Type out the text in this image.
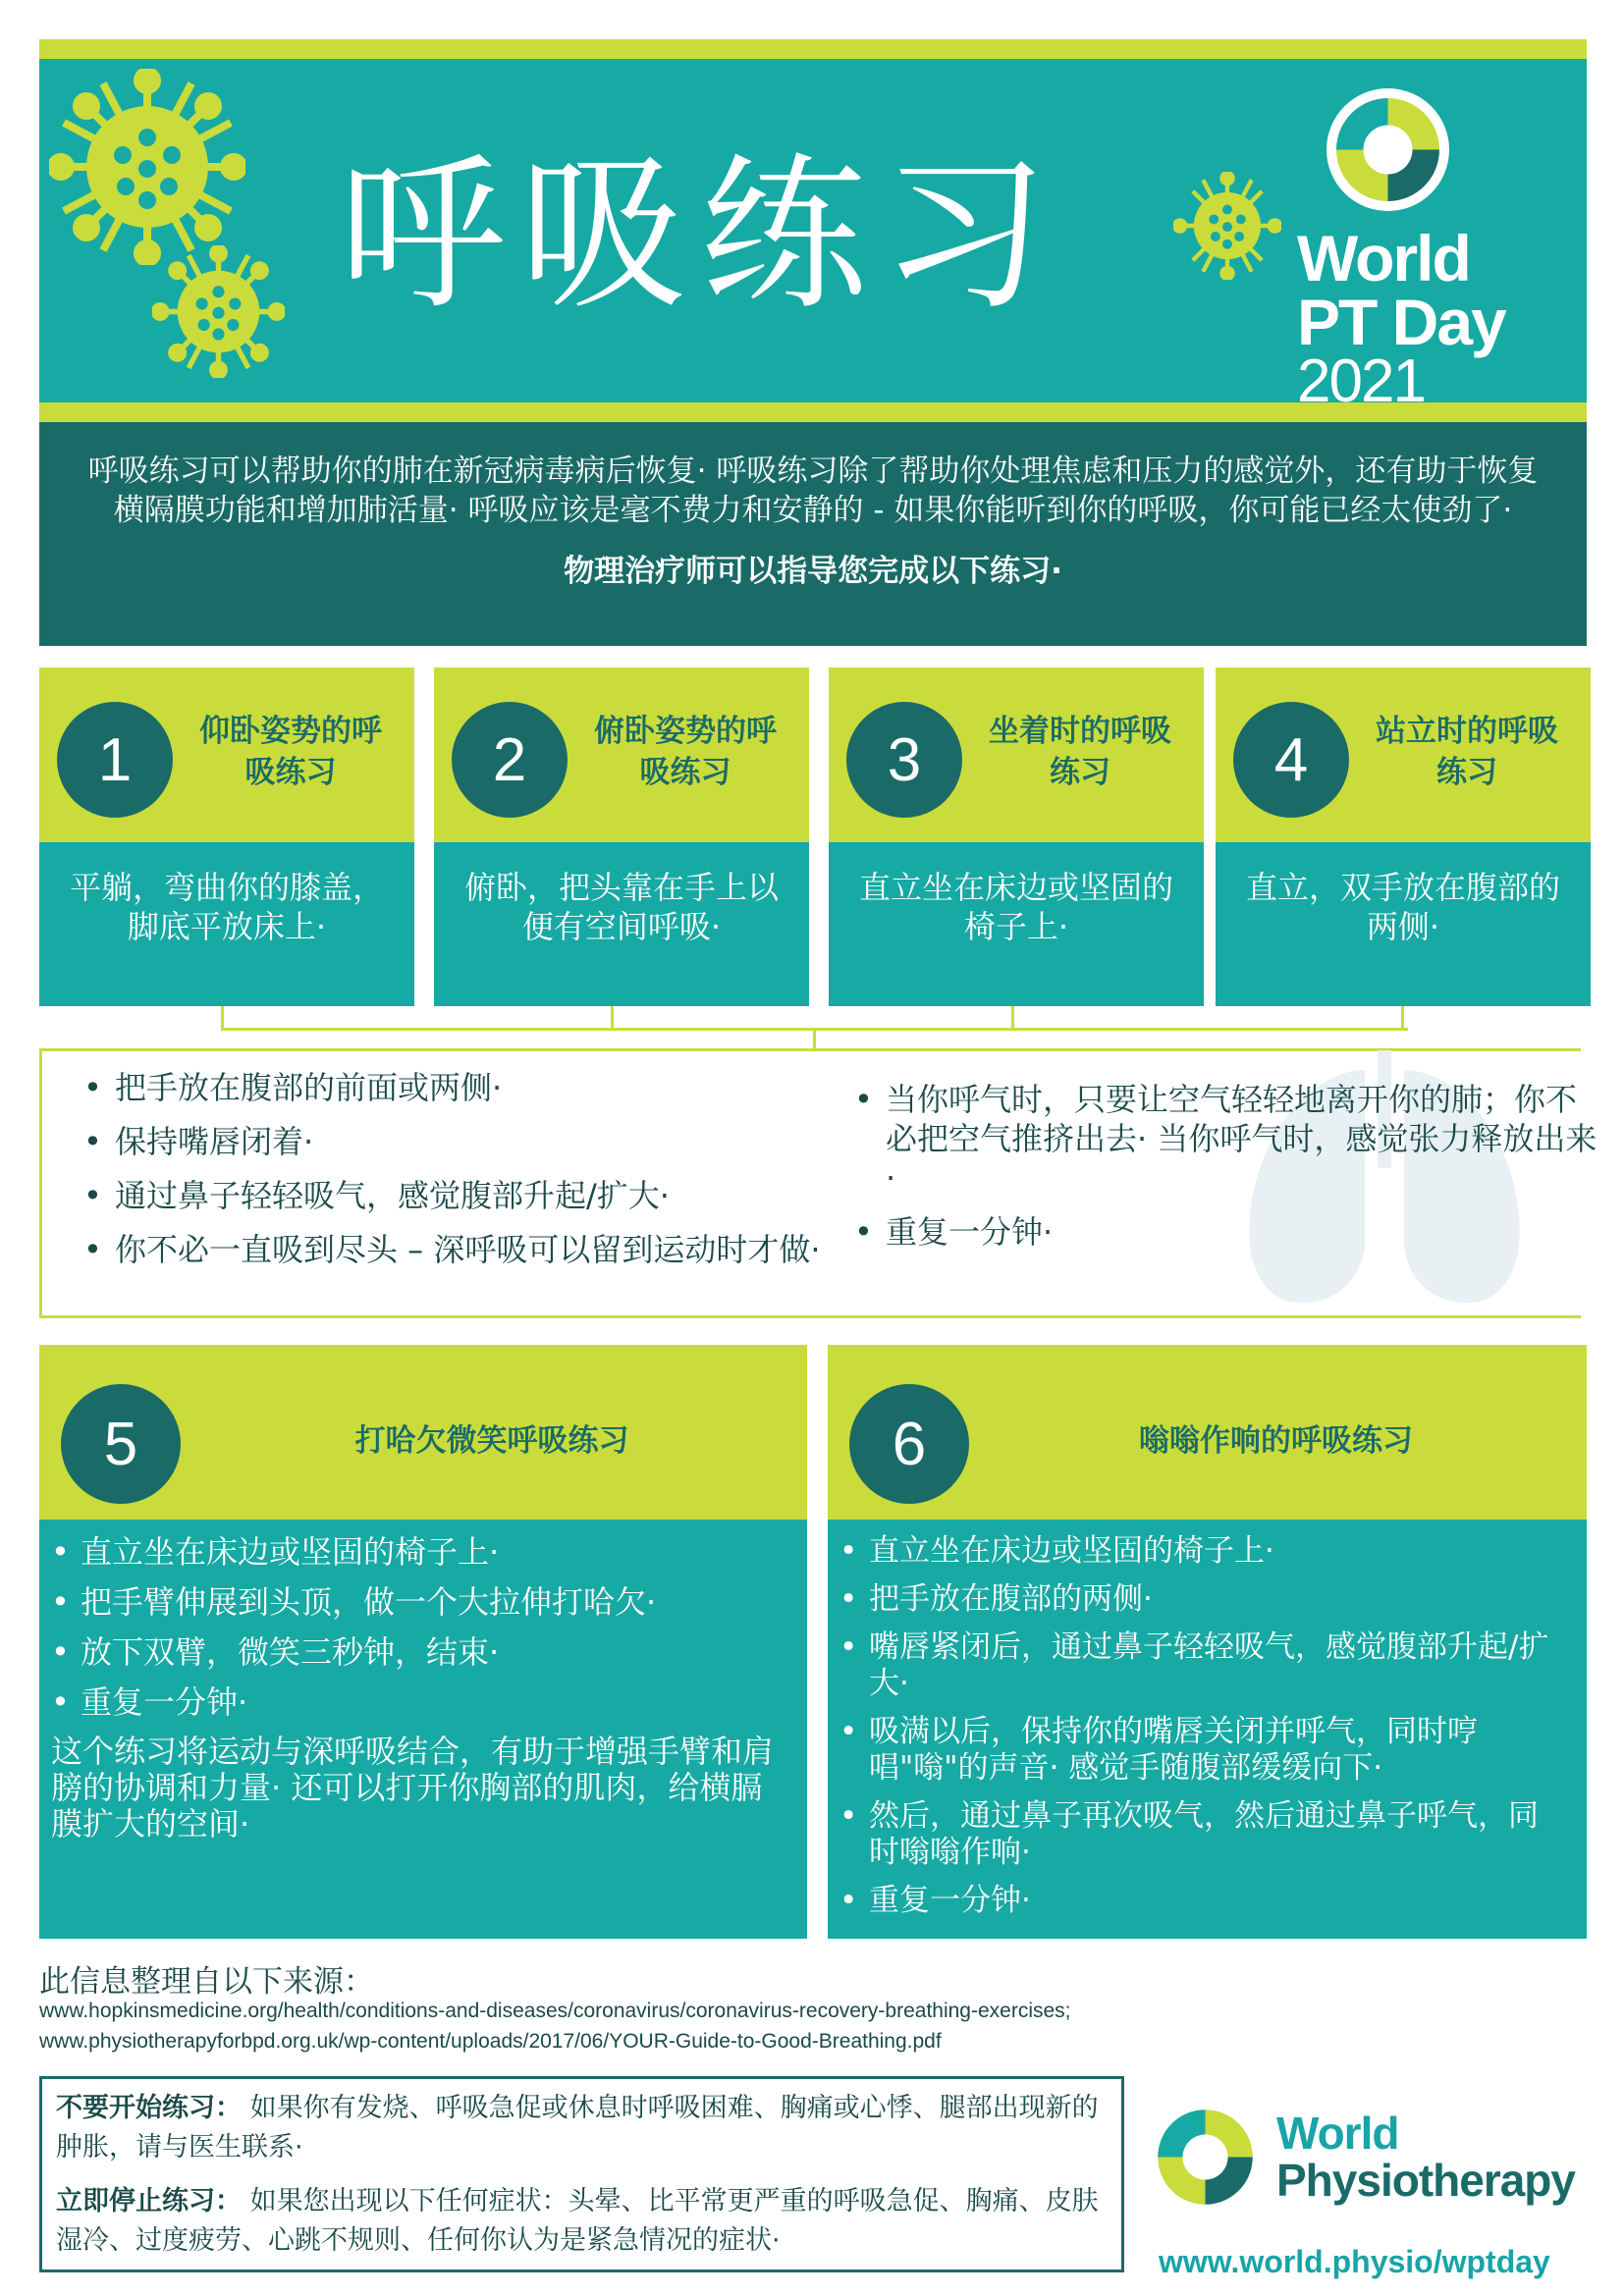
呼吸练习	World
PT Day
2021
呼吸练习可以帮助你的肺在新冠病毒病后恢复· 呼吸练习除了帮助你处理焦虑和压力的感觉外，还有助于恢复横隔膜功能和增加肺活量· 呼吸应该是毫不费力和安静的 - 如果你能听到你的呼吸，你可能已经太使劲了·
物理治疗师可以指导您完成以下练习·
1	仰卧姿势的呼吸练习
平躺，弯曲你的膝盖，脚底平放床上·
2	俯卧姿势的呼吸练习
俯卧，把头靠在手上以便有空间呼吸·
3	坐着时的呼吸练习
直立坐在床边或坚固的椅子上·
4	站立时的呼吸练习
直立，双手放在腹部的两侧·
• 把手放在腹部的前面或两侧·
• 保持嘴唇闭着·
• 通过鼻子轻轻吸气，感觉腹部升起/扩大·
• 你不必一直吸到尽头 – 深呼吸可以留到运动时才做·
• 当你呼气时，只要让空气轻轻地离开你的肺；你不必把空气推挤出去· 当你呼气时，感觉张力释放出来·
• 重复一分钟·
5	打哈欠微笑呼吸练习
• 直立坐在床边或坚固的椅子上·
• 把手臂伸展到头顶，做一个大拉伸打哈欠·
• 放下双臂，微笑三秒钟，结束·
• 重复一分钟·
这个练习将运动与深呼吸结合，有助于增强手臂和肩膀的协调和力量· 还可以打开你胸部的肌肉，给横膈膜扩大的空间·
6	嗡嗡作响的呼吸练习
• 直立坐在床边或坚固的椅子上·
• 把手放在腹部的两侧·
• 嘴唇紧闭后，通过鼻子轻轻吸气，感觉腹部升起/扩大·
• 吸满以后，保持你的嘴唇关闭并呼气，同时哼唱"嗡"的声音· 感觉手随腹部缓缓向下·
• 然后，通过鼻子再次吸气，然后通过鼻子呼气，同时嗡嗡作响·
• 重复一分钟·
此信息整理自以下来源：
www.hopkinsmedicine.org/health/conditions-and-diseases/coronavirus/coronavirus-recovery-breathing-exercises;
www.physiotherapyforbpd.org.uk/wp-content/uploads/2017/06/YOUR-Guide-to-Good-Breathing.pdf

不要开始练习： 如果你有发烧、呼吸急促或休息时呼吸困难、胸痛或心悸、腿部出现新的肿胀，请与医生联系·

立即停止练习： 如果您出现以下任何症状：头晕、比平常更严重的呼吸急促、胸痛、皮肤湿冷、过度疲劳、心跳不规则、任何你认为是紧急情况的症状·

World
Physiotherapy
www.world.physio/wptday
